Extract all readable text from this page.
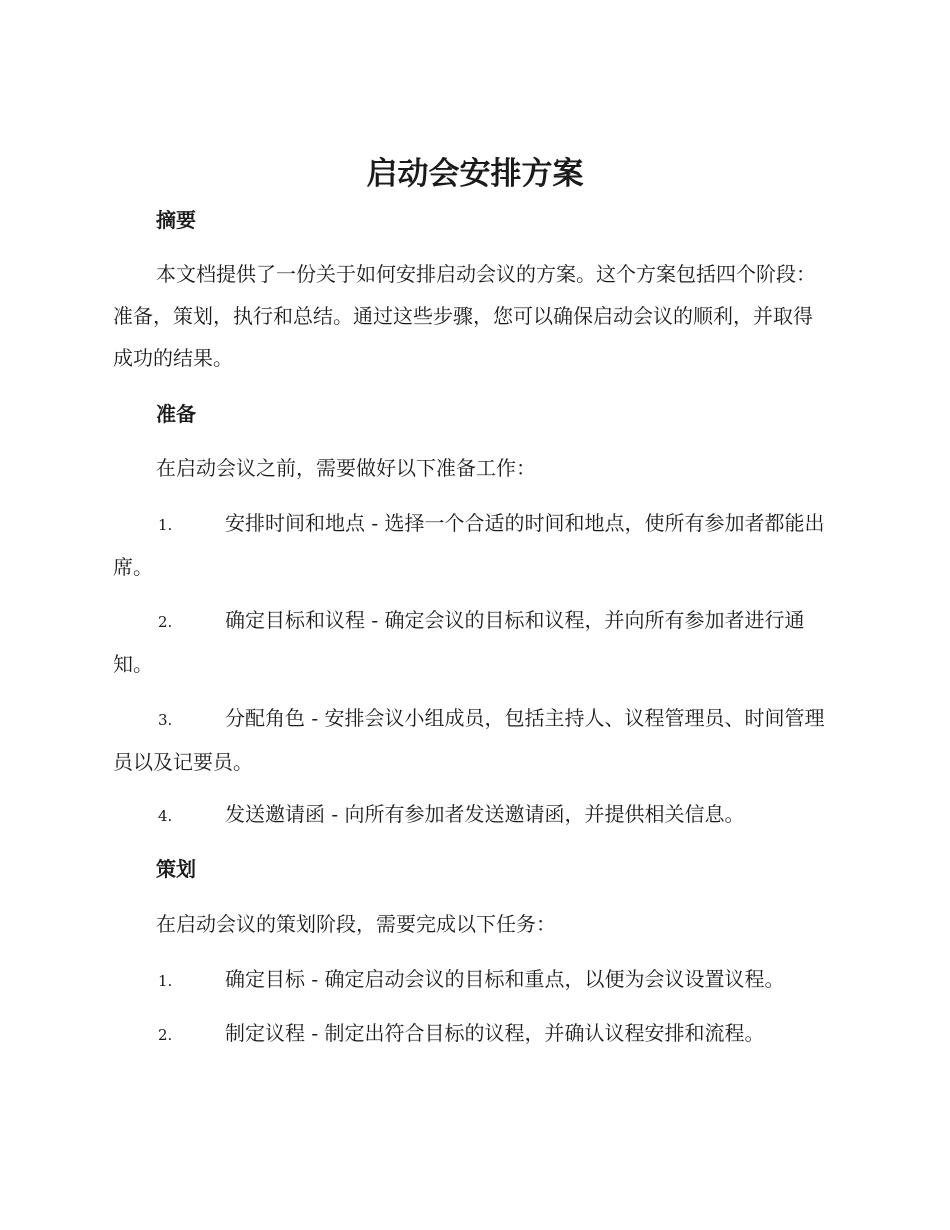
启动会安排方案
摘要
本文档提供了一份关于如何安排启动会议的方案。这个方案包括四个阶段：准备，策划，执行和总结。通过这些步骤，您可以确保启动会议的顺利，并取得成功的结果。
准备
在启动会议之前，需要做好以下准备工作：
1.	安排时间和地点 - 选择一个合适的时间和地点，使所有参加者都能出席。
2.	确定目标和议程 - 确定会议的目标和议程，并向所有参加者进行通知。
3.	分配角色 - 安排会议小组成员，包括主持人、议程管理员、时间管理员以及记要员。
4.	发送邀请函 - 向所有参加者发送邀请函，并提供相关信息。
策划
在启动会议的策划阶段，需要完成以下任务：
1.	确定目标 - 确定启动会议的目标和重点，以便为会议设置议程。
2.	制定议程 - 制定出符合目标的议程，并确认议程安排和流程。
